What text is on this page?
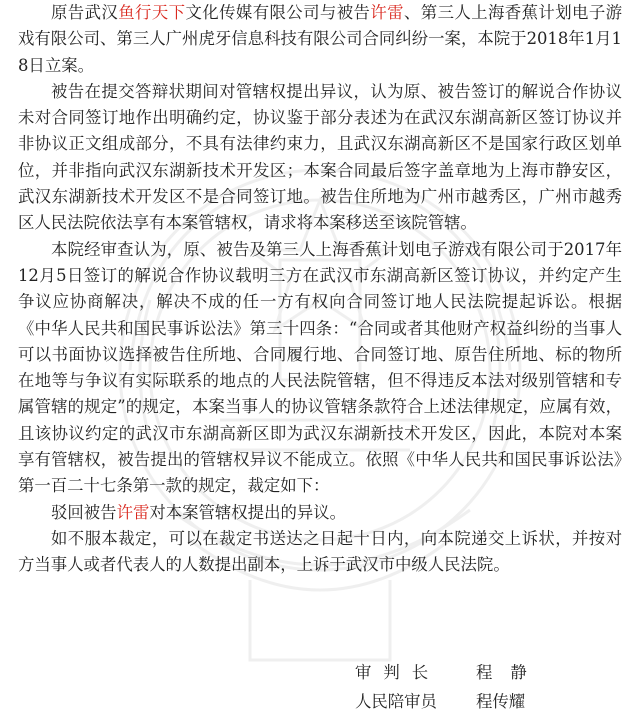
原告武汉鱼行天下文化传媒有限公司与被告许雷、第三人上海香蕉计划电子游戏有限公司、第三人广州虎牙信息科技有限公司合同纠纷一案，本院于2018年1月18日立案。

被告在提交答辩状期间对管辖权提出异议，认为原、被告签订的解说合作协议未对合同签订地作出明确约定，协议鉴于部分表述为在武汉东湖高新区签订协议并非协议正文组成部分，不具有法律约束力，且武汉东湖高新区不是国家行政区划单位，并非指向武汉东湖新技术开发区；本案合同最后签字盖章地为上海市静安区，武汉东湖新技术开发区不是合同签订地。被告住所地为广州市越秀区，广州市越秀区人民法院依法享有本案管辖权，请求将本案移送至该院管辖。

本院经审查认为，原、被告及第三人上海香蕉计划电子游戏有限公司于2017年12月5日签订的解说合作协议载明三方在武汉市东湖高新区签订协议，并约定产生争议应协商解决，解决不成的任一方有权向合同签订地人民法院提起诉讼。根据《中华人民共和国民事诉讼法》第三十四条：“合同或者其他财产权益纠纷的当事人可以书面协议选择被告住所地、合同履行地、合同签订地、原告住所地、标的物所在地等与争议有实际联系的地点的人民法院管辖，但不得违反本法对级别管辖和专属管辖的规定”的规定，本案当事人的协议管辖条款符合上述法律规定，应属有效，且该协议约定的武汉市东湖高新区即为武汉东湖新技术开发区，因此，本院对本案享有管辖权，被告提出的管辖权异议不能成立。依照《中华人民共和国民事诉讼法》第一百二十七条第一款的规定，裁定如下：

驳回被告许雷对本案管辖权提出的异议。

如不服本裁定，可以在裁定书送达之日起十日内，向本院递交上诉状，并按对方当事人或者代表人的人数提出副本，上诉于武汉市中级人民法院。

审判长 程静
人民陪审员 程传耀
